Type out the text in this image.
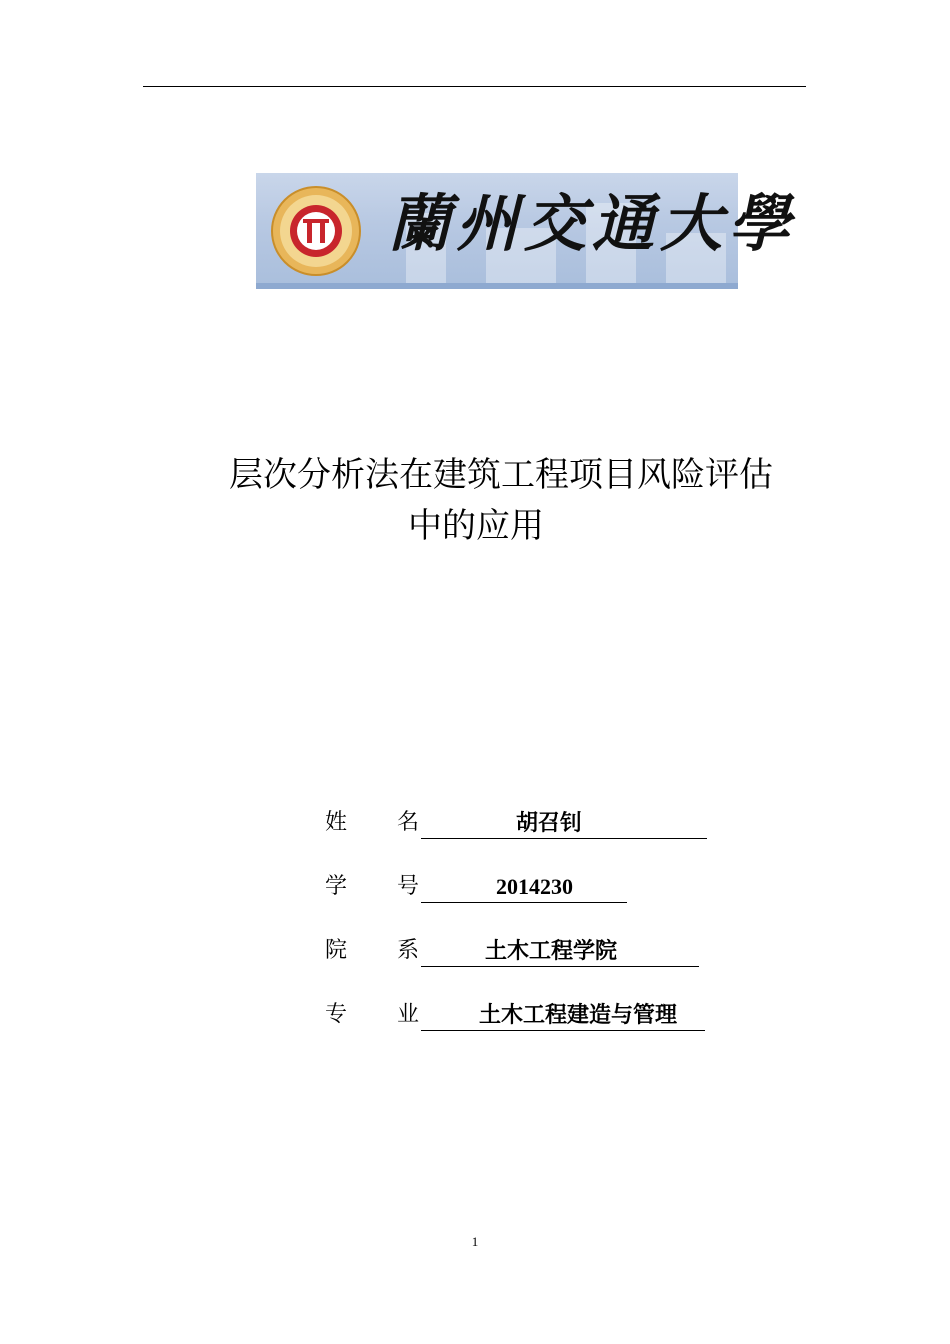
蘭州交通大學
层次分析法在建筑工程项目风险评估
中的应用
姓 名	胡召钊
学 号	2014230
院 系	土木工程学院
专 业	土木工程建造与管理
1
